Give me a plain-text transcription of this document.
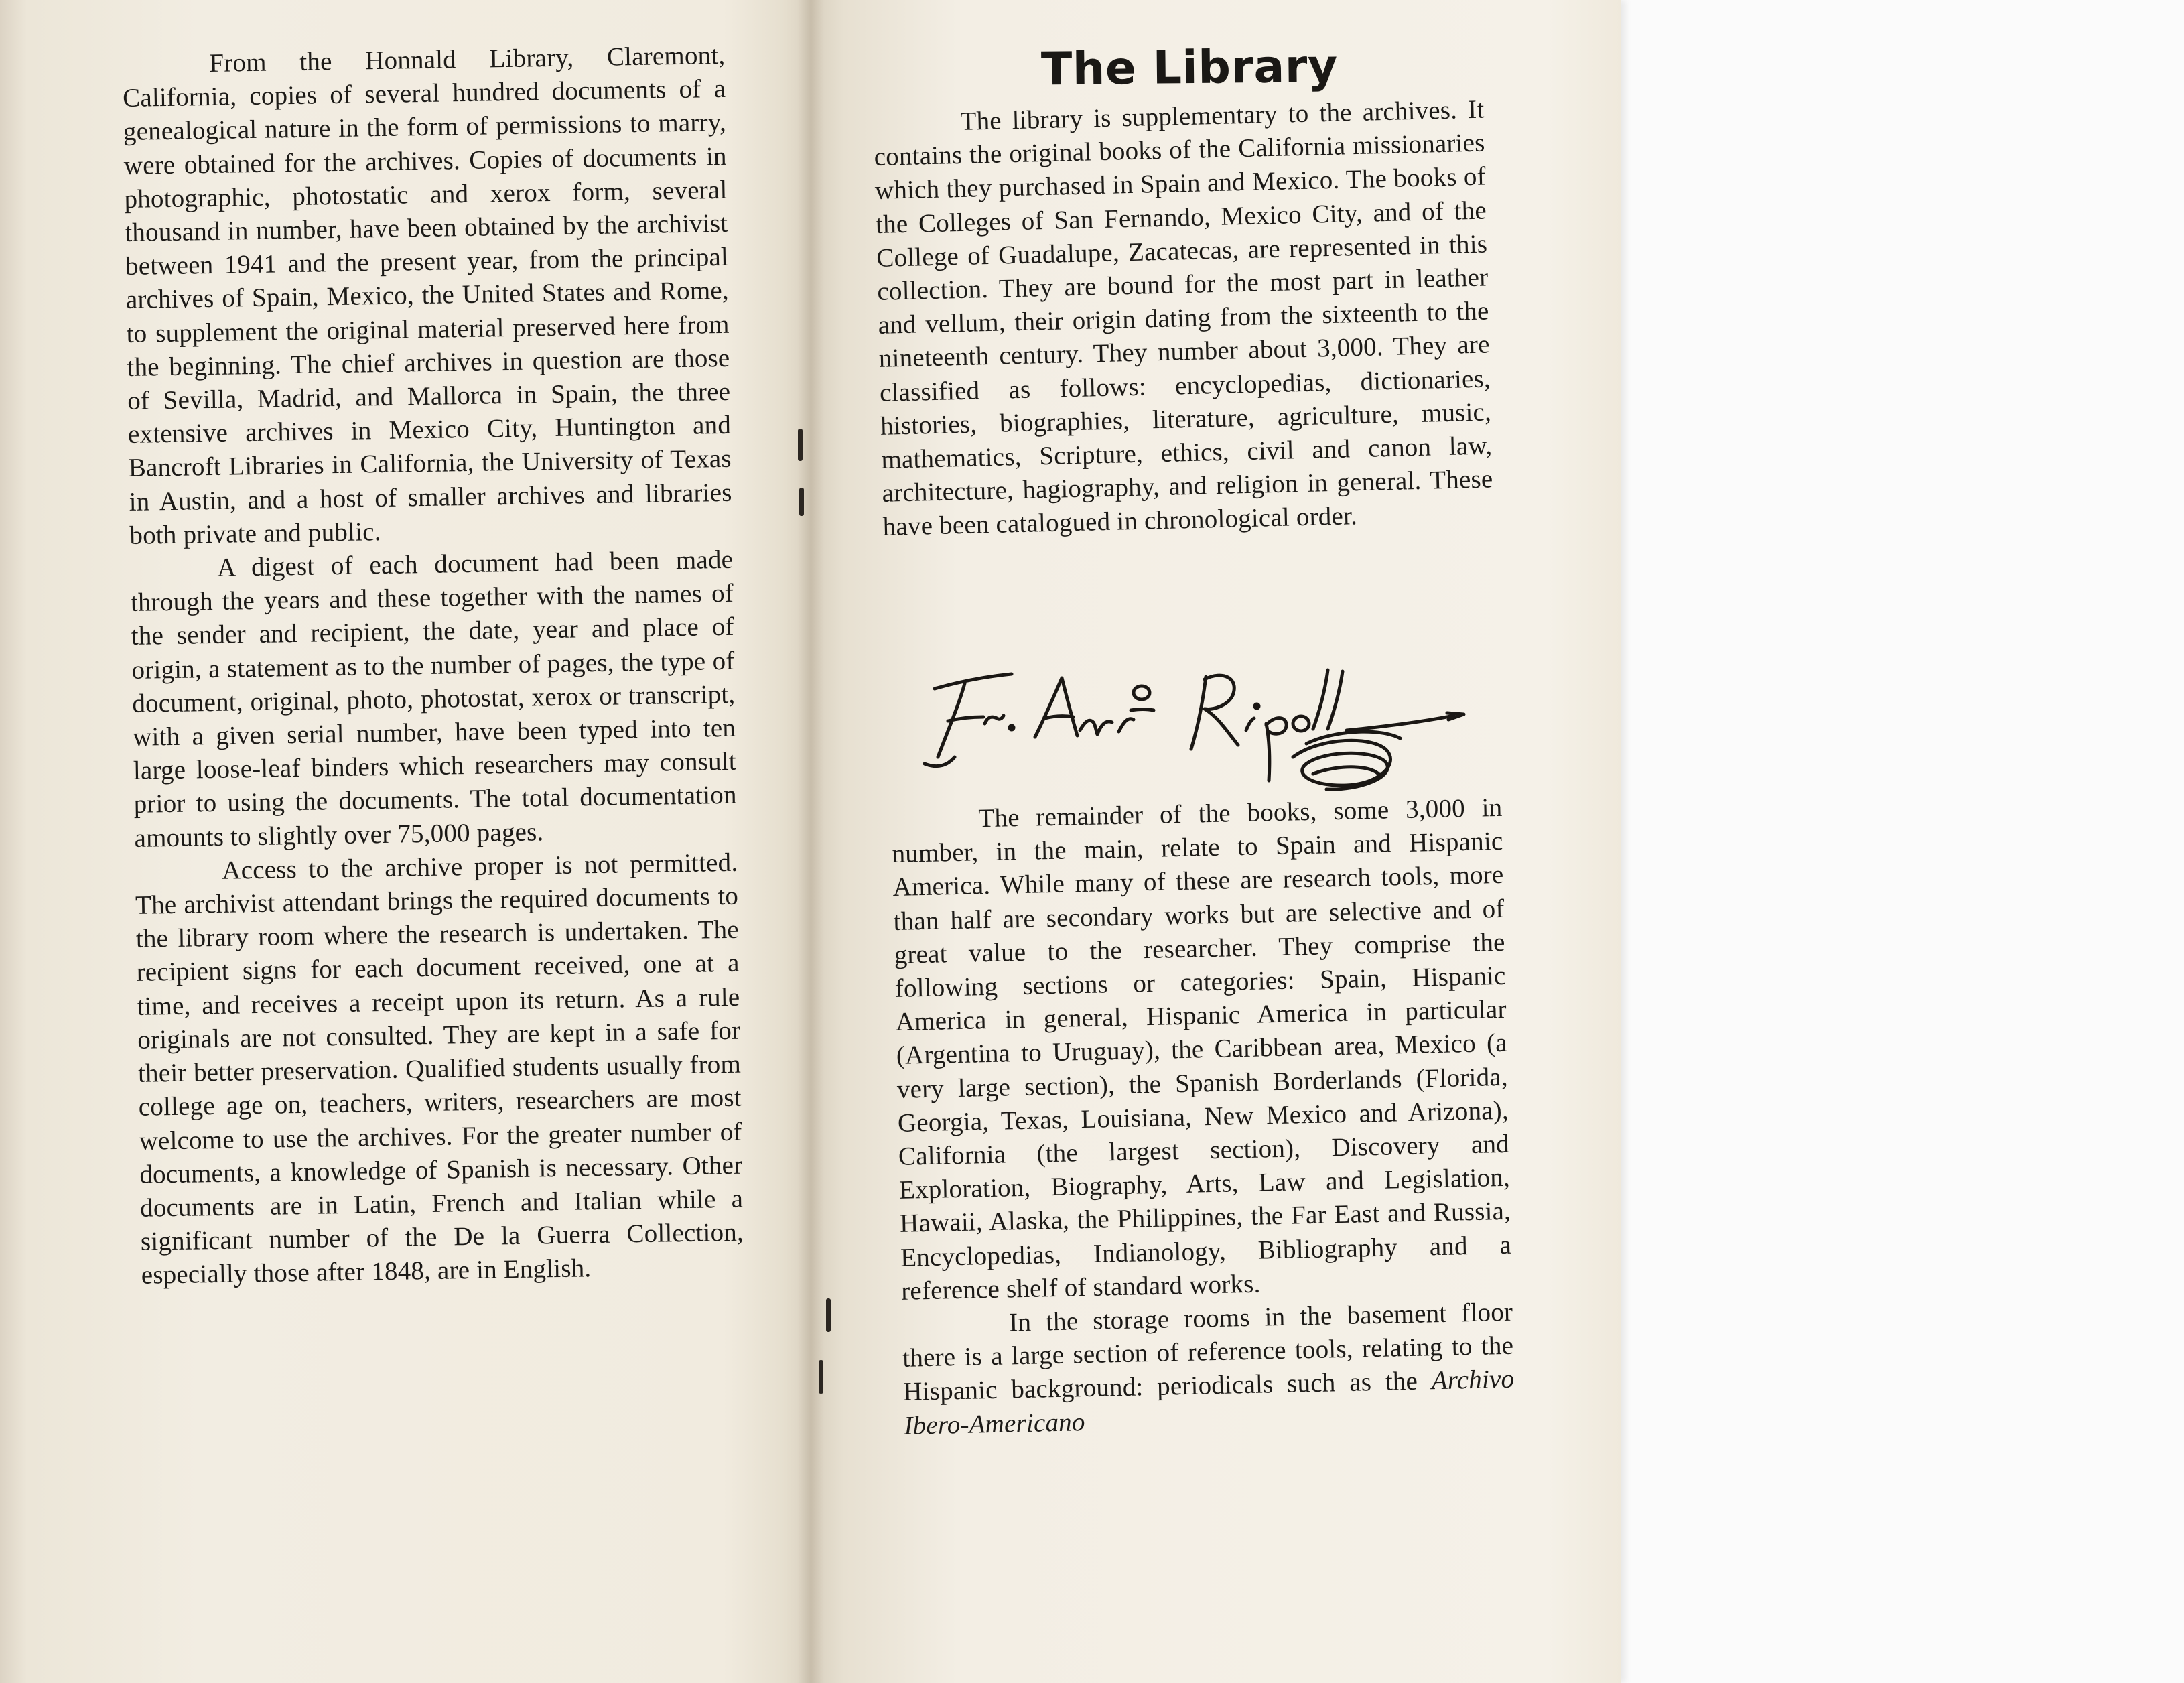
From the Honnald Library, Claremont, California, copies of several hundred documents of a genealogical nature in the form of permissions to marry, were obtained for the archives. Copies of documents in photographic, photostatic and xerox form, several thousand in number, have been obtained by the archivist between 1941 and the present year, from the principal archives of Spain, Mexico, the United States and Rome, to supplement the original material preserved here from the beginning. The chief archives in question are those of Sevilla, Madrid, and Mallorca in Spain, the three extensive archives in Mexico City, Huntington and Bancroft Libraries in California, the University of Texas in Austin, and a host of smaller archives and libraries both private and public.

A digest of each document had been made through the years and these together with the names of the sender and recipient, the date, year and place of origin, a statement as to the number of pages, the type of document, original, photo, photostat, xerox or transcript, with a given serial number, have been typed into ten large loose-leaf binders which researchers may consult prior to using the documents. The total documentation amounts to slightly over 75,000 pages.

Access to the archive proper is not permitted. The archivist attendant brings the required documents to the library room where the research is undertaken. The recipient signs for each document received, one at a time, and receives a receipt upon its return. As a rule originals are not consulted. They are kept in a safe for their better preservation. Qualified students usually from college age on, teachers, writers, researchers are most welcome to use the archives. For the greater number of documents, a knowledge of Spanish is necessary. Other documents are in Latin, French and Italian while a significant number of the De la Guerra Collection, especially those after 1848, are in English.

The Library

The library is supplementary to the archives. It contains the original books of the California missionaries which they purchased in Spain and Mexico. The books of the Colleges of San Fernando, Mexico City, and of the College of Guadalupe, Zacatecas, are represented in this collection. They are bound for the most part in leather and vellum, their origin dating from the sixteenth to the nineteenth century. They number about 3,000. They are classified as follows: encyclopedias, dictionaries, histories, biographies, literature, agriculture, music, mathematics, Scripture, ethics, civil and canon law, architecture, hagiography, and religion in general. These have been catalogued in chronological order.

The remainder of the books, some 3,000 in number, in the main, relate to Spain and Hispanic America. While many of these are research tools, more than half are secondary works but are selective and of great value to the researcher. They comprise the following sections or categories: Spain, Hispanic America in general, Hispanic America in particular (Argentina to Uruguay), the Caribbean area, Mexico (a very large section), the Spanish Borderlands (Florida, Georgia, Texas, Louisiana, New Mexico and Arizona), California (the largest section), Discovery and Exploration, Biography, Arts, Law and Legislation, Hawaii, Alaska, the Philippines, the Far East and Russia, Encyclopedias, Indianology, Bibliography and a reference shelf of standard works.

In the storage rooms in the basement floor there is a large section of reference tools, relating to the Hispanic background: periodicals such as the Archivo Ibero-Americano
